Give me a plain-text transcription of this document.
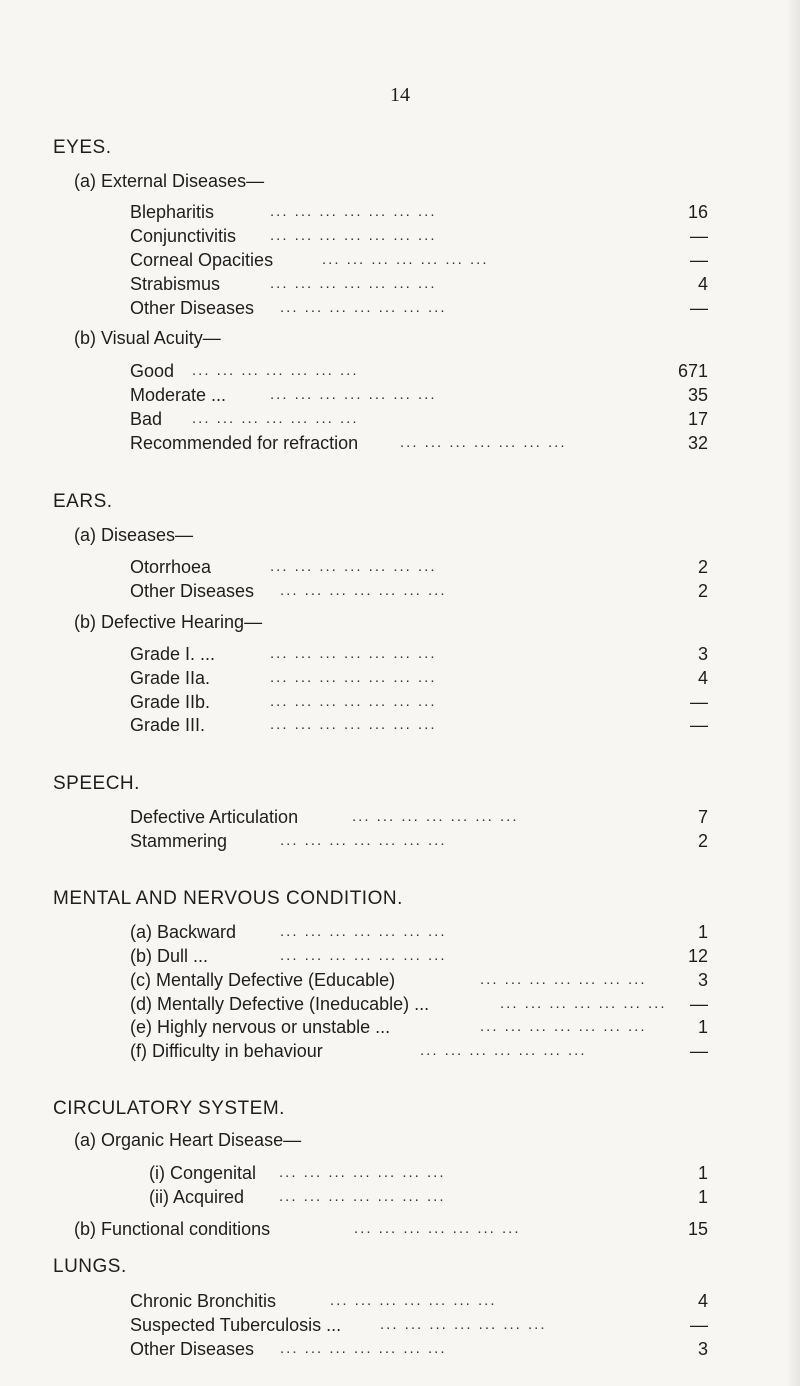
14
EYES.
(a) External Diseases—
Blepharitis	... ... ... ... ... ... ...	16
Conjunctivitis ... ... ... ... ... ... ...	—
Corneal Opacities	... ... ... ... ... ... ...	—
Strabismus	... ... ... ... ... ... ...	4
Other Diseases ... ... ... ... ... ... ...	—
(b) Visual Acuity—
Good ... ... ... ... ... ... ...	671
Moderate ...	... ... ... ... ... ... ...	35
Bad ... ... ... ... ... ... ...	17
Recommended for refraction	... ... ... ... ... ... ...	32
EARS.
(a) Diseases—
Otorrhoea	... ... ... ... ... ... ...	2
Other Diseases ... ... ... ... ... ... ...	2
(b) Defective Hearing—
Grade I. ...	... ... ... ... ... ... ...	3
Grade IIa.	... ... ... ... ... ... ...	4
Grade IIb.	... ... ... ... ... ... ...	—
Grade III.	... ... ... ... ... ... ...	—
SPEECH.
Defective Articulation	... ... ... ... ... ... ...	7
Stammering	... ... ... ... ... ... ...	2
MENTAL AND NERVOUS CONDITION.
(a) Backward	... ... ... ... ... ... ...	1
(b) Dull ...	... ... ... ... ... ... ...	12
(c) Mentally Defective (Educable)	... ... ... ... ... ... ...	3
(d) Mentally Defective (Ineducable) ...	... ... ... ... ... ... ...	—
(e) Highly nervous or unstable ...	... ... ... ... ... ... ...	1
(f) Difficulty in behaviour	... ... ... ... ... ... ...	—
CIRCULATORY SYSTEM.
(a) Organic Heart Disease—
(i) Congenital ... ... ... ... ... ... ...	1
(ii) Acquired ... ... ... ... ... ... ...	1
(b) Functional conditions	... ... ... ... ... ... ...	15
LUNGS.
Chronic Bronchitis	... ... ... ... ... ... ...	4
Suspected Tuberculosis ...	... ... ... ... ... ... ...	—
Other Diseases ... ... ... ... ... ... ...	3
